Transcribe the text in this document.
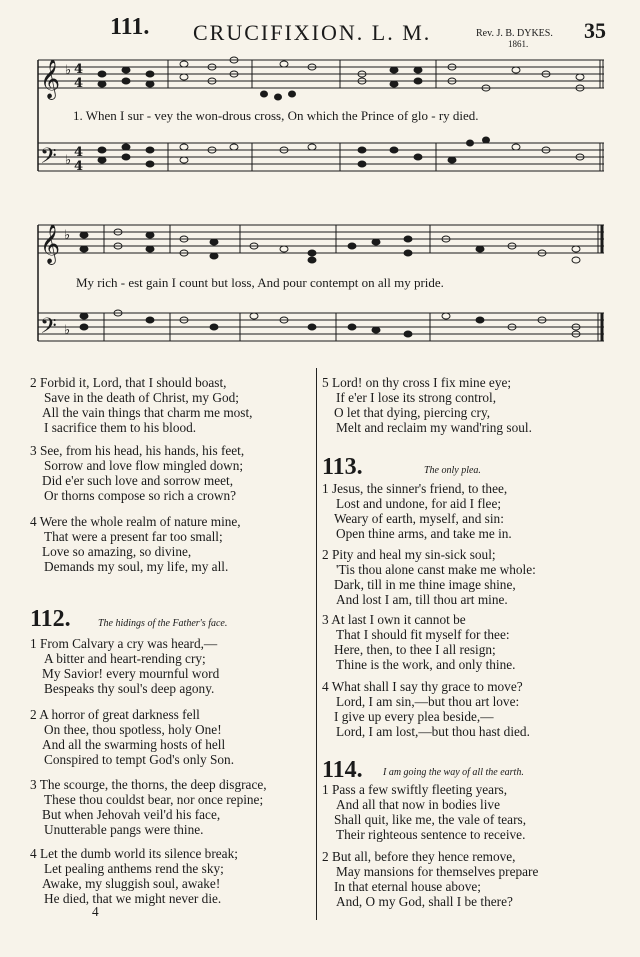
111. CRUCIFIXION. L. M.	Rev. J. B. DYKES.
1861.
35
𝄞
𝄢
♭
♭
4
4
4
4
1. When I sur - vey the won-drous cross, On which the Prince of glo - ry died.
𝄞
𝄢
♭
♭
My rich - est gain I count but loss, And pour contempt on all my pride.
2 Forbid it, Lord, that I should boast,
Save in the death of Christ, my God;
All the vain things that charm me most,
I sacrifice them to his blood.
3 See, from his head, his hands, his feet,
Sorrow and love flow mingled down;
Did e'er such love and sorrow meet,
Or thorns compose so rich a crown?
4 Were the whole realm of nature mine,
That were a present far too small;
Love so amazing, so divine,
Demands my soul, my life, my all.
112.	The hidings of the Father's face.
1 From Calvary a cry was heard,—
A bitter and heart-rending cry;
My Savior! every mournful word
Bespeaks thy soul's deep agony.
2 A horror of great darkness fell
On thee, thou spotless, holy One!
And all the swarming hosts of hell
Conspired to tempt God's only Son.
3 The scourge, the thorns, the deep disgrace,
These thou couldst bear, nor once repine;
But when Jehovah veil'd his face,
Unutterable pangs were thine.
4 Let the dumb world its silence break;
Let pealing anthems rend the sky;
Awake, my sluggish soul, awake!
He died, that we might never die.
4
5 Lord! on thy cross I fix mine eye;
If e'er I lose its strong control,
O let that dying, piercing cry,
Melt and reclaim my wand'ring soul.
113.	The only plea.
1 Jesus, the sinner's friend, to thee,
Lost and undone, for aid I flee;
Weary of earth, myself, and sin:
Open thine arms, and take me in.
2 Pity and heal my sin-sick soul;
'Tis thou alone canst make me whole:
Dark, till in me thine image shine,
And lost I am, till thou art mine.
3 At last I own it cannot be
That I should fit myself for thee:
Here, then, to thee I all resign;
Thine is the work, and only thine.
4 What shall I say thy grace to move?
Lord, I am sin,—but thou art love:
I give up every plea beside,—
Lord, I am lost,—but thou hast died.
114. I am going the way of all the earth.
1 Pass a few swiftly fleeting years,
And all that now in bodies live
Shall quit, like me, the vale of tears,
Their righteous sentence to receive.
2 But all, before they hence remove,
May mansions for themselves prepare
In that eternal house above;
And, O my God, shall I be there?
